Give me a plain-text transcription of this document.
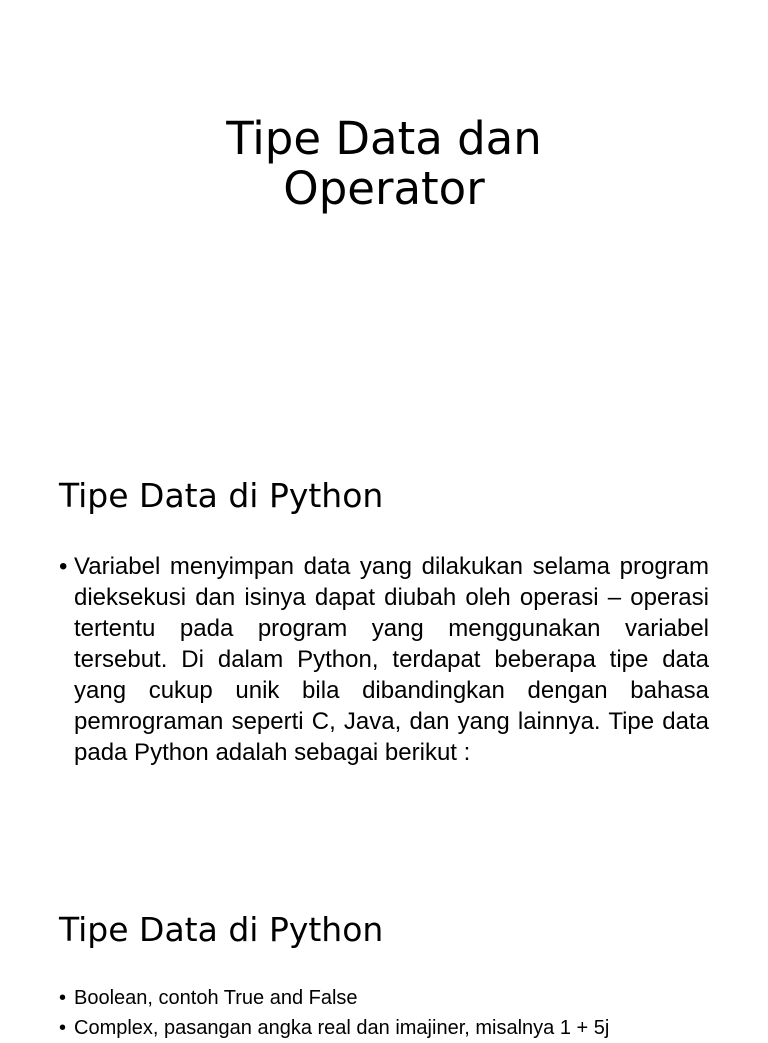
Tipe Data dan
Operator
Tipe Data di Python
• Variabel menyimpan data yang dilakukan selama program dieksekusi dan isinya dapat diubah oleh operasi – operasi tertentu pada program yang menggunakan variabel tersebut. Di dalam Python, terdapat beberapa tipe data yang cukup unik bila dibandingkan dengan bahasa pemrograman seperti C, Java, dan yang lainnya. Tipe data pada Python adalah sebagai berikut :
Tipe Data di Python
• Boolean, contoh True and False
• Complex, pasangan angka real dan imajiner, misalnya 1 + 5j
